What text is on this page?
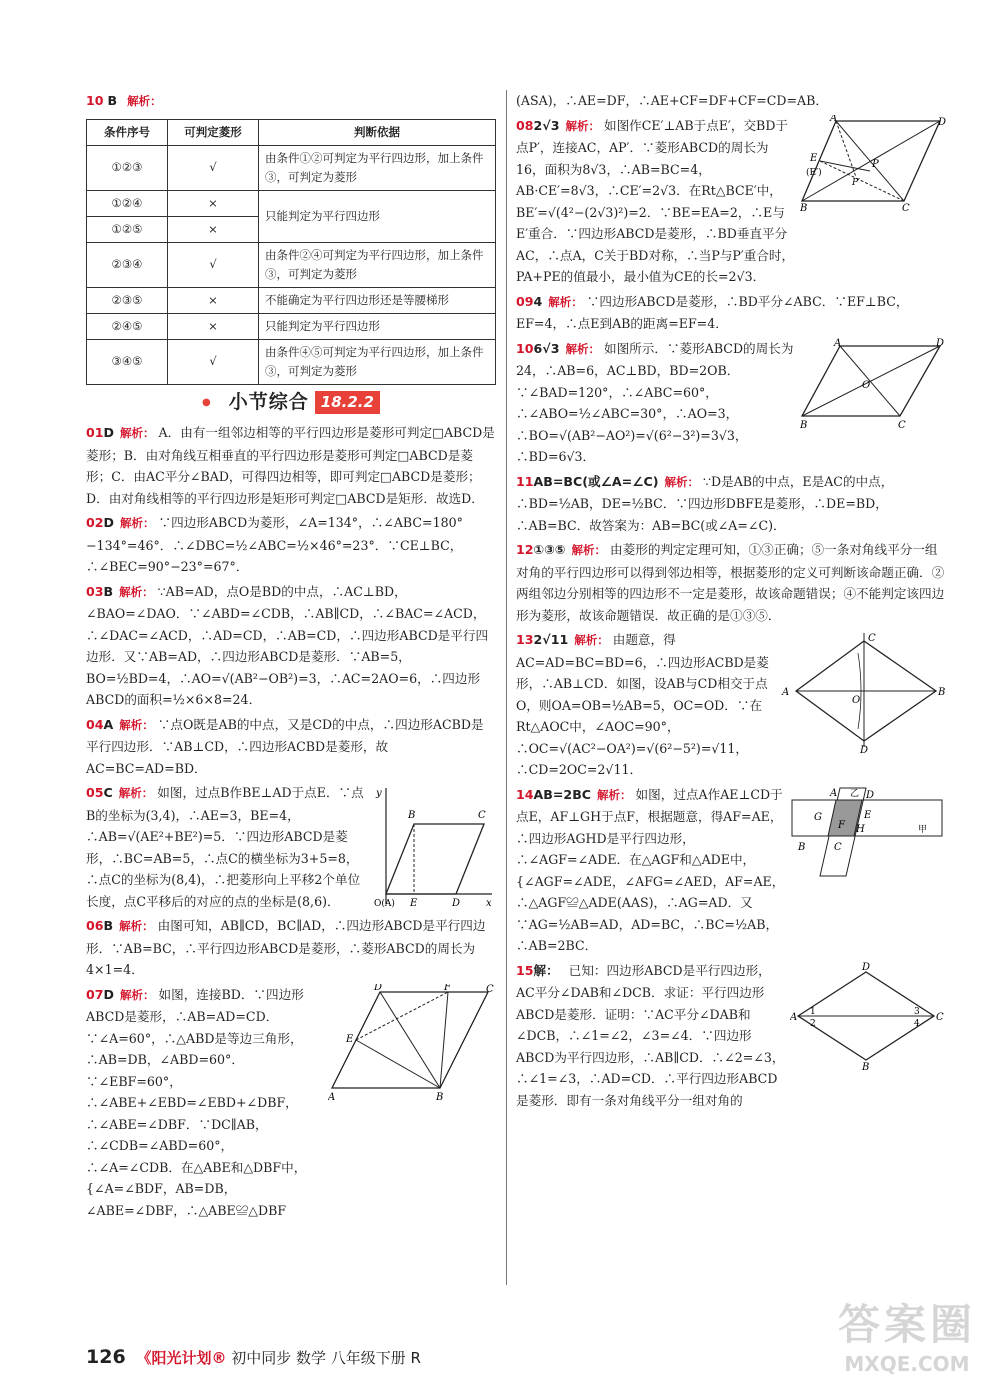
10 B 解析：
条件序号	可判定菱形	判断依据
①②③	√	由条件①②可判定为平行四边形，加上条件③，可判定为菱形
①②④	×	只能判定为平行四边形
①②⑤	×	
②③④	√	由条件②④可判定为平行四边形，加上条件③，可判定为菱形
②③⑤	×	不能确定为平行四边形还是等腰梯形
②④⑤	×	只能判定为平行四边形
③④⑤	√	由条件④⑤可判定为平行四边形，加上条件③，可判定为菱形
● 小节综合 18.2.2
01D 解析： A．由有一组邻边相等的平行四边形是菱形可判定□ABCD是菱形；B．由对角线互相垂直的平行四边形是菱形可判定□ABCD是菱形；C．由AC平分∠BAD，可得四边相等，即可判定□ABCD是菱形；D．由对角线相等的平行四边形是矩形可判定□ABCD是矩形．故选D．
02D 解析： ∵四边形ABCD为菱形，∠A=134°，∴∠ABC=180°−134°=46°．∴∠DBC=½∠ABC=½×46°=23°．∵CE⊥BC，∴∠BEC=90°−23°=67°．
03B 解析： ∵AB=AD，点O是BD的中点，∴AC⊥BD，∠BAO=∠DAO．∵∠ABD=∠CDB，∴AB∥CD，∴∠BAC=∠ACD，∴∠DAC=∠ACD，∴AD=CD，∴AB=CD，∴四边形ABCD是平行四边形．又∵AB=AD，∴四边形ABCD是菱形．∵AB=5，BO=½BD=4，∴AO=√(AB²−OB²)=3，∴AC=2AO=6，∴四边形ABCD的面积=½×6×8=24．
04A 解析： ∵点O既是AB的中点，又是CD的中点，∴四边形ACBD是平行四边形．∵AB⊥CD，∴四边形ACBD是菱形，故AC=BC=AD=BD．
05C 解析： 如图，过点B作BE⊥AD于点E．∵点B的坐标为(3,4)，∴AE=3，BE=4，∴AB=√(AE²+BE²)=5．∵四边形ABCD是菱形，∴BC=AB=5，∴点C的横坐标为3+5=8，∴点C的坐标为(8,4)，∴把菱形向上平移2个单位长度，点C平移后的对应的点的坐标是(8,6)．
y
x
B	C
O(A) E	D
06B 解析： 由图可知，AB∥CD，BC∥AD，∴四边形ABCD是平行四边形．∵AB=BC，∴平行四边形ABCD是菱形，∴菱形ABCD的周长为4×1=4．
07D 解析： 如图，连接BD．∵四边形ABCD是菱形，∴AB=AD=CD．∵∠A=60°，∴△ABD是等边三角形，∴AB=DB，∠ABD=60°．∵∠EBF=60°，∴∠ABE+∠EBD=∠EBD+∠DBF，∴∠ABE=∠DBF．∵DC∥AB，∴∠CDB=∠ABD=60°，∴∠A=∠CDB．在△ABE和△DBF中，{∠A=∠BDF，AB=DB，∠ABE=∠DBF，∴△ABE≌△DBF
D	F	C
E
A	B
(ASA)，∴AE=DF，∴AE+CF=DF+CF=CD=AB．
082√3 解析： 如图作CE′⊥AB于点E′，交BD于点P′，连接AC，AP′．∵菱形ABCD的周长为16，面积为8√3，∴AB=BC=4，AB·CE′=8√3，∴CE′=2√3．在Rt△BCE′中，BE′=√(4²−(2√3)²)=2．∵BE=EA=2，∴E与E′重合．∵四边形ABCD是菱形，∴BD垂直平分AC，∴点A，C关于BD对称，∴当P与P′重合时，PA+PE的值最小，最小值为CE的长=2√3．
A	D
E
(E′)
P
P′
B	C
094 解析： ∵四边形ABCD是菱形，∴BD平分∠ABC．∵EF⊥BC，EF=4，∴点E到AB的距离=EF=4．
106√3 解析： 如图所示．∵菱形ABCD的周长为24，∴AB=6，AC⊥BD，BD=2OB．∵∠BAD=120°，∴∠ABC=60°，∴∠ABO=½∠ABC=30°，∴AO=3，∴BO=√(AB²−AO²)=√(6²−3²)=3√3，∴BD=6√3．
A	D
O
B	C
11AB=BC(或∠A=∠C) 解析： ∵D是AB的中点，E是AC的中点，∴BD=½AB，DE=½BC．∵四边形DBFE是菱形，∴DE=BD，∴AB=BC．故答案为：AB=BC(或∠A=∠C)．
12①③⑤ 解析： 由菱形的判定定理可知，①③正确；⑤一条对角线平分一组对角的平行四边形可以得到邻边相等，根据菱形的定义可判断该命题正确．②两组邻边分别相等的四边形不一定是菱形，故该命题错误；④不能判定该四边形为菱形，故该命题错误．故正确的是①③⑤．
132√11 解析： 由题意，得AC=AD=BC=BD=6，∴四边形ACBD是菱形，∴AB⊥CD．如图，设AB与CD相交于点O，则OA=OB=½AB=5，OC=OD．∵在Rt△AOC中，∠AOC=90°，∴OC=√(AC²−OA²)=√(6²−5²)=√11，∴CD=2OC=2√11．
C
A	B
O
D
14AB=2BC 解析： 如图，过点A作AE⊥CD于点E，AF⊥GH于点F，根据题意，得AF=AE，∴四边形AGHD是平行四边形，∴∠AGF=∠ADE．在△AGF和△ADE中，{∠AGF=∠ADE，∠AFG=∠AED，AF=AE，∴△AGF≌△ADE(AAS)，∴AG=AD．又∵AG=½AB=AD，AD=BC，∴BC=½AB，∴AB=2BC．
A	D
G	E
F H
B	C
乙
甲
15解： 已知：四边形ABCD是平行四边形，AC平分∠DAB和∠DCB．求证：平行四边形ABCD是菱形．证明：∵AC平分∠DAB和∠DCB，∴∠1=∠2，∠3=∠4．∵四边形ABCD为平行四边形，∴AB∥CD．∴∠2=∠3，∴∠1=∠3，∴AD=CD．∴平行四边形ABCD是菱形．即有一条对角线平分一组对角的
D
A	C
B
1
2
3
4
126 《阳光计划® 初中同步 数学 八年级下册 R
答案圈
MXQE.COM
